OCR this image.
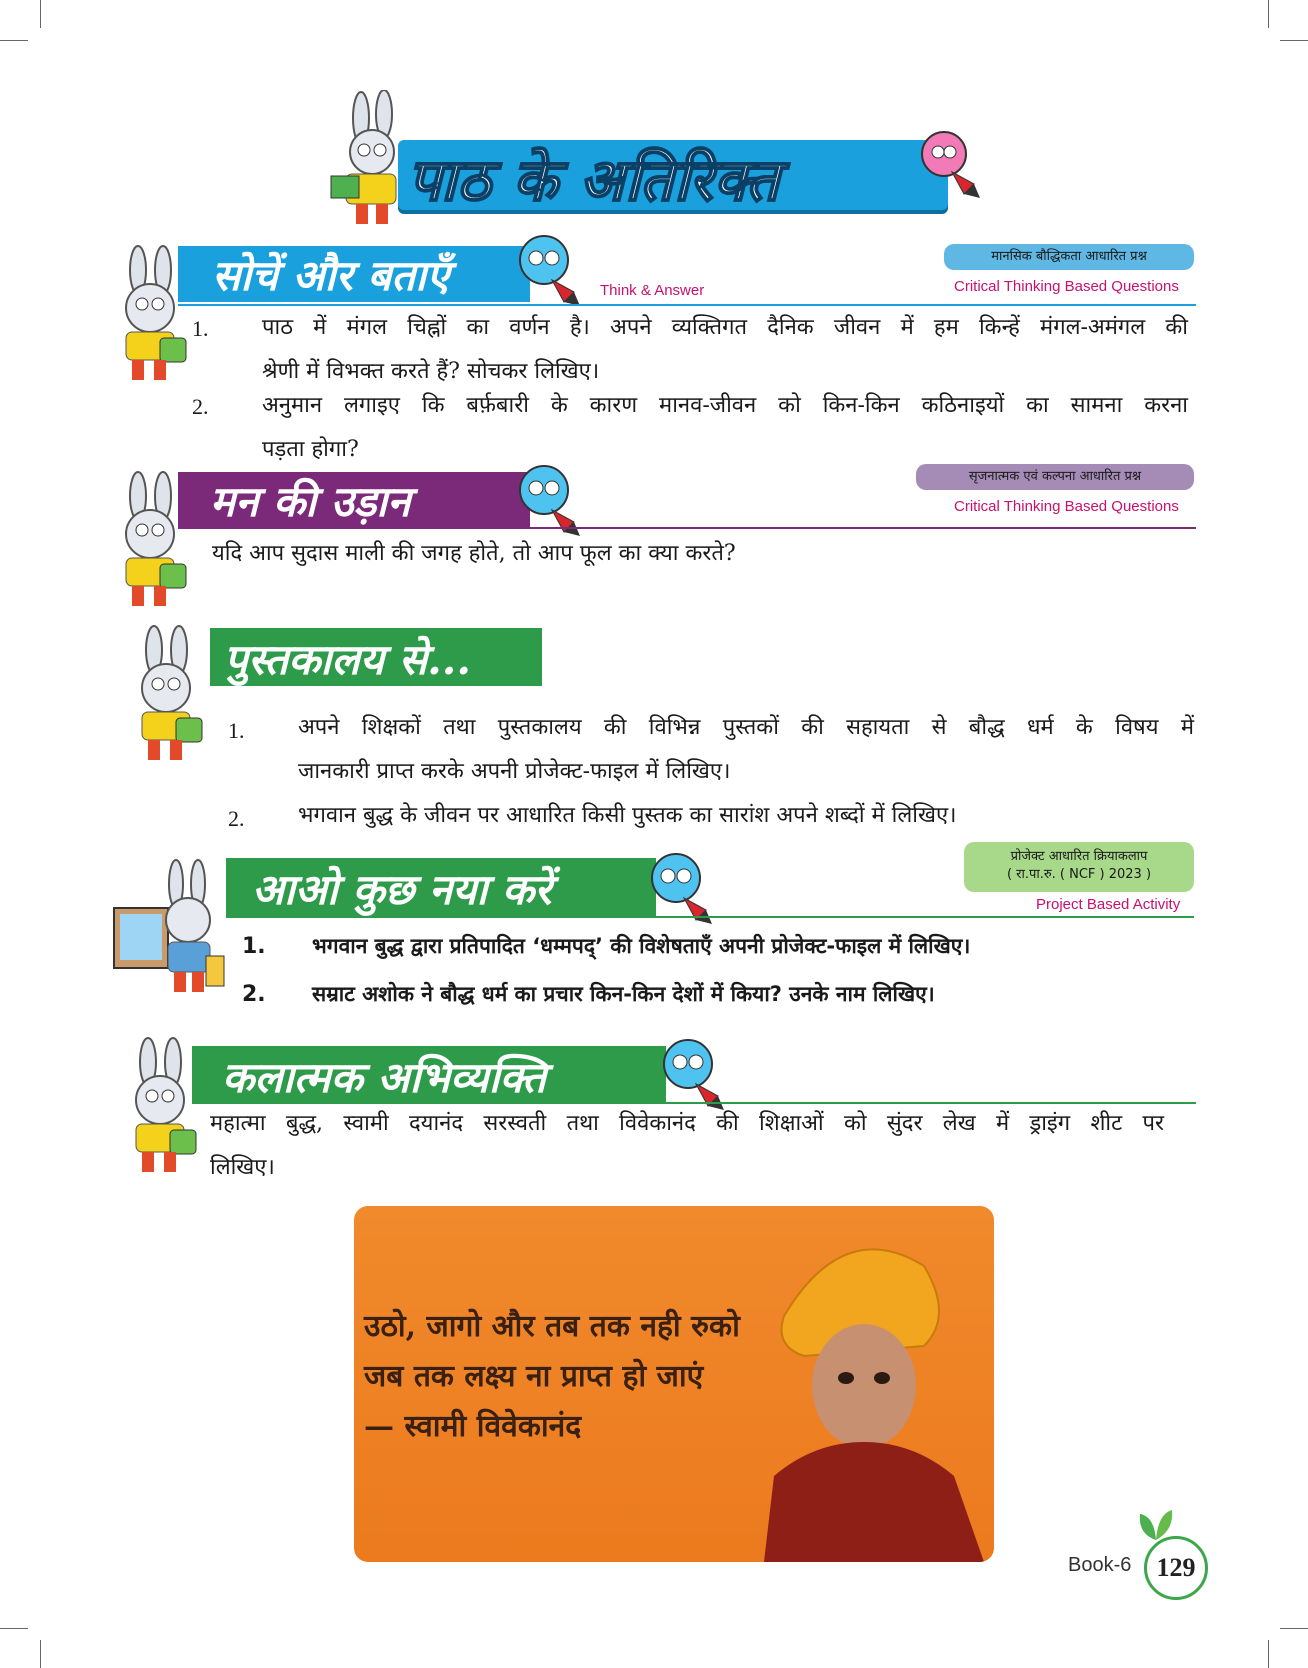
पाठ के अतिरिक्त
सोचें और बताएँ	Think & Answer
मानसिक बौद्धिकता आधारित प्रश्न
Critical Thinking Based Questions
1. पाठ में मंगल चिह्नों का वर्णन है। अपने व्यक्तिगत दैनिक जीवन में हम किन्हें मंगल-अमंगल की
श्रेणी में विभक्त करते हैं? सोचकर लिखिए।
2. अनुमान लगाइए कि बर्फ़बारी के कारण मानव-जीवन को किन-किन कठिनाइयों का सामना करना
पड़ता होगा?
मन की उड़ान
सृजनात्मक एवं कल्पना आधारित प्रश्न
Critical Thinking Based Questions
यदि आप सुदास माली की जगह होते, तो आप फूल का क्या करते?
पुस्तकालय से...
1. अपने शिक्षकों तथा पुस्तकालय की विभिन्न पुस्तकों की सहायता से बौद्ध धर्म के विषय में
जानकारी प्राप्त करके अपनी प्रोजेक्ट-फाइल में लिखिए।
2. भगवान बुद्ध के जीवन पर आधारित किसी पुस्तक का सारांश अपने शब्दों में लिखिए।
आओ कुछ नया करें
प्रोजेक्ट आधारित क्रियाकलाप
( रा.पा.रु. ( NCF ) 2023 )
Project Based Activity
1. भगवान बुद्ध द्वारा प्रतिपादित ‘धम्मपद्’ की विशेषताएँ अपनी प्रोजेक्ट-फाइल में लिखिए।
2. सम्राट अशोक ने बौद्ध धर्म का प्रचार किन-किन देशों में किया? उनके नाम लिखिए।
कलात्मक अभिव्यक्ति
महात्मा बुद्ध, स्वामी दयानंद सरस्वती तथा विवेकानंद की शिक्षाओं को सुंदर लेख में ड्राइंग शीट पर
लिखिए।
उठो, जागो और तब तक नही रुको
जब तक लक्ष्य ना प्राप्त हो जाएं
— स्वामी विवेकानंद
Book-6 129
